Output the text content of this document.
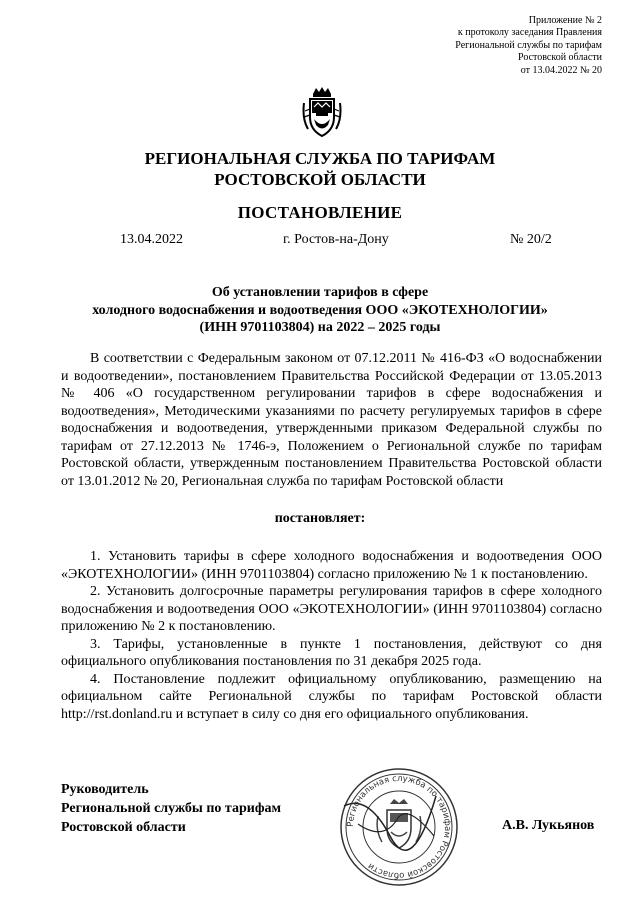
Приложение № 2
к протоколу заседания Правления
Региональной службы по тарифам
Ростовской области
от 13.04.2022 № 20
РЕГИОНАЛЬНАЯ СЛУЖБА ПО ТАРИФАМ
РОСТОВСКОЙ ОБЛАСТИ
ПОСТАНОВЛЕНИЕ
13.04.2022	г. Ростов-на-Дону	№ 20/2
Об установлении тарифов в сфере
холодного водоснабжения и водоотведения ООО «ЭКОТЕХНОЛОГИИ»
(ИНН 9701103804) на 2022 – 2025 годы

В соответствии с Федеральным законом от 07.12.2011 № 416-ФЗ «О водоснабжении и водоотведении», постановлением Правительства Российской Федерации от 13.05.2013 № 406 «О государственном регулировании тарифов в сфере водоснабжения и водоотведения», Методическими указаниями по расчету регулируемых тарифов в сфере водоснабжения и водоотведения, утвержденными приказом Федеральной службы по тарифам от 27.12.2013 № 1746-э, Положением о Региональной службе по тарифам Ростовской области, утвержденным постановлением Правительства Ростовской области от 13.01.2012 № 20, Региональная служба по тарифам Ростовской области

постановляет:

1. Установить тарифы в сфере холодного водоснабжения и водоотведения ООО «ЭКОТЕХНОЛОГИИ» (ИНН 9701103804) согласно приложению № 1 к постановлению.

2. Установить долгосрочные параметры регулирования тарифов в сфере холодного водоснабжения и водоотведения ООО «ЭКОТЕХНОЛОГИИ» (ИНН 9701103804) согласно приложению № 2 к постановлению.

3. Тарифы, установленные в пункте 1 постановления, действуют со дня официального опубликования постановления по 31 декабря 2025 года.

4. Постановление подлежит официальному опубликованию, размещению на официальном сайте Региональной службы по тарифам Ростовской области http://rst.donland.ru и вступает в силу со дня его официального опубликования.

Руководитель
Региональной службы по тарифам
Ростовской области	Региональная служба по тарифам Ростовской области
А.В. Лукьянов
